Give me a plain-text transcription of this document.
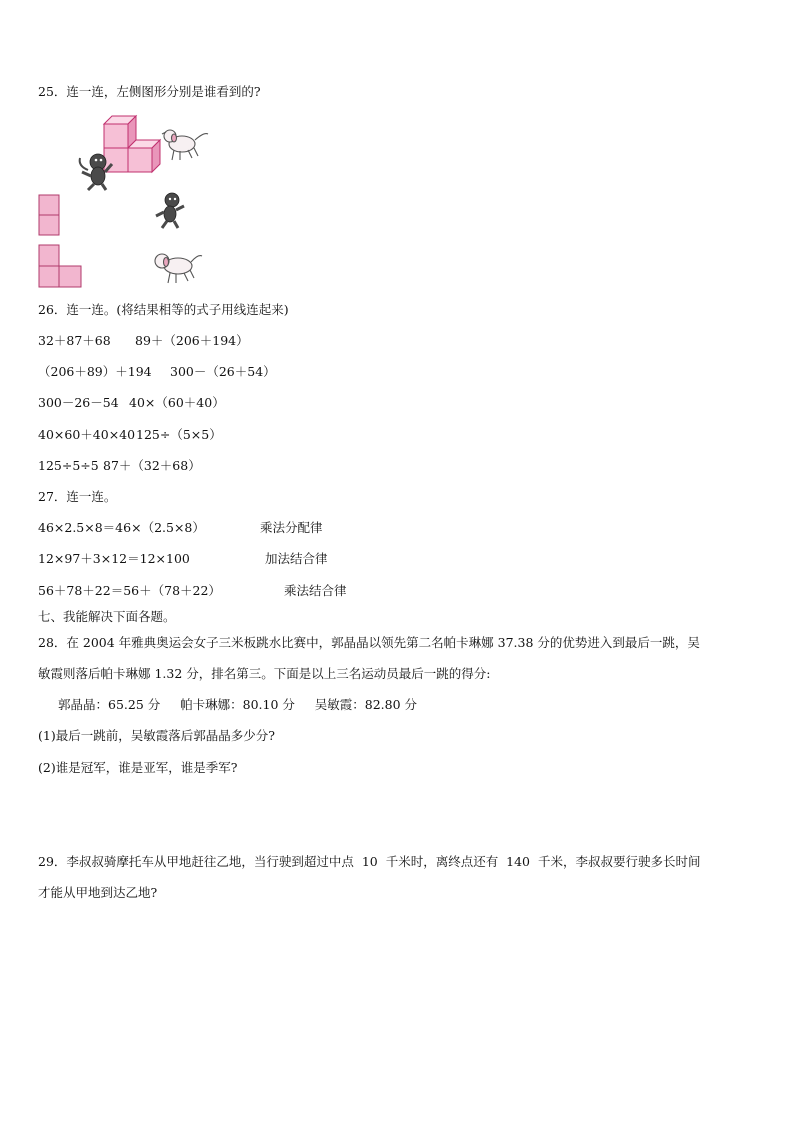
25．连一连，左侧图形分别是谁看到的?
26．连一连。(将结果相等的式子用线连起来)
32＋87＋68 89＋（206＋194）
（206＋89）＋194 300－（26＋54）
300－26－54 40×（60＋40）
40×60＋40×40 125÷（5×5）
125÷5÷5 87＋（32＋68）
27．连一连。
46×2.5×8＝46×（2.5×8）	乘法分配律
12×97＋3×12＝12×100	加法结合律
56＋78＋22＝56＋（78＋22）	乘法结合律
七、我能解决下面各题。
28．在 2004 年雅典奥运会女子三米板跳水比赛中，郭晶晶以领先第二名帕卡琳娜 37.38 分的优势进入到最后一跳，吴
敏霞则落后帕卡琳娜 1.32 分，排名第三。下面是以上三名运动员最后一跳的得分:
郭晶晶：65.25 分     帕卡琳娜：80.10 分     吴敏霞：82.80 分
(1)最后一跳前，吴敏霞落后郭晶晶多少分?
(2)谁是冠军，谁是亚军，谁是季军?
29．李叔叔骑摩托车从甲地赶往乙地，当行驶到超过中点  10  千米时，离终点还有  140  千米，李叔叔要行驶多长时间
才能从甲地到达乙地?
